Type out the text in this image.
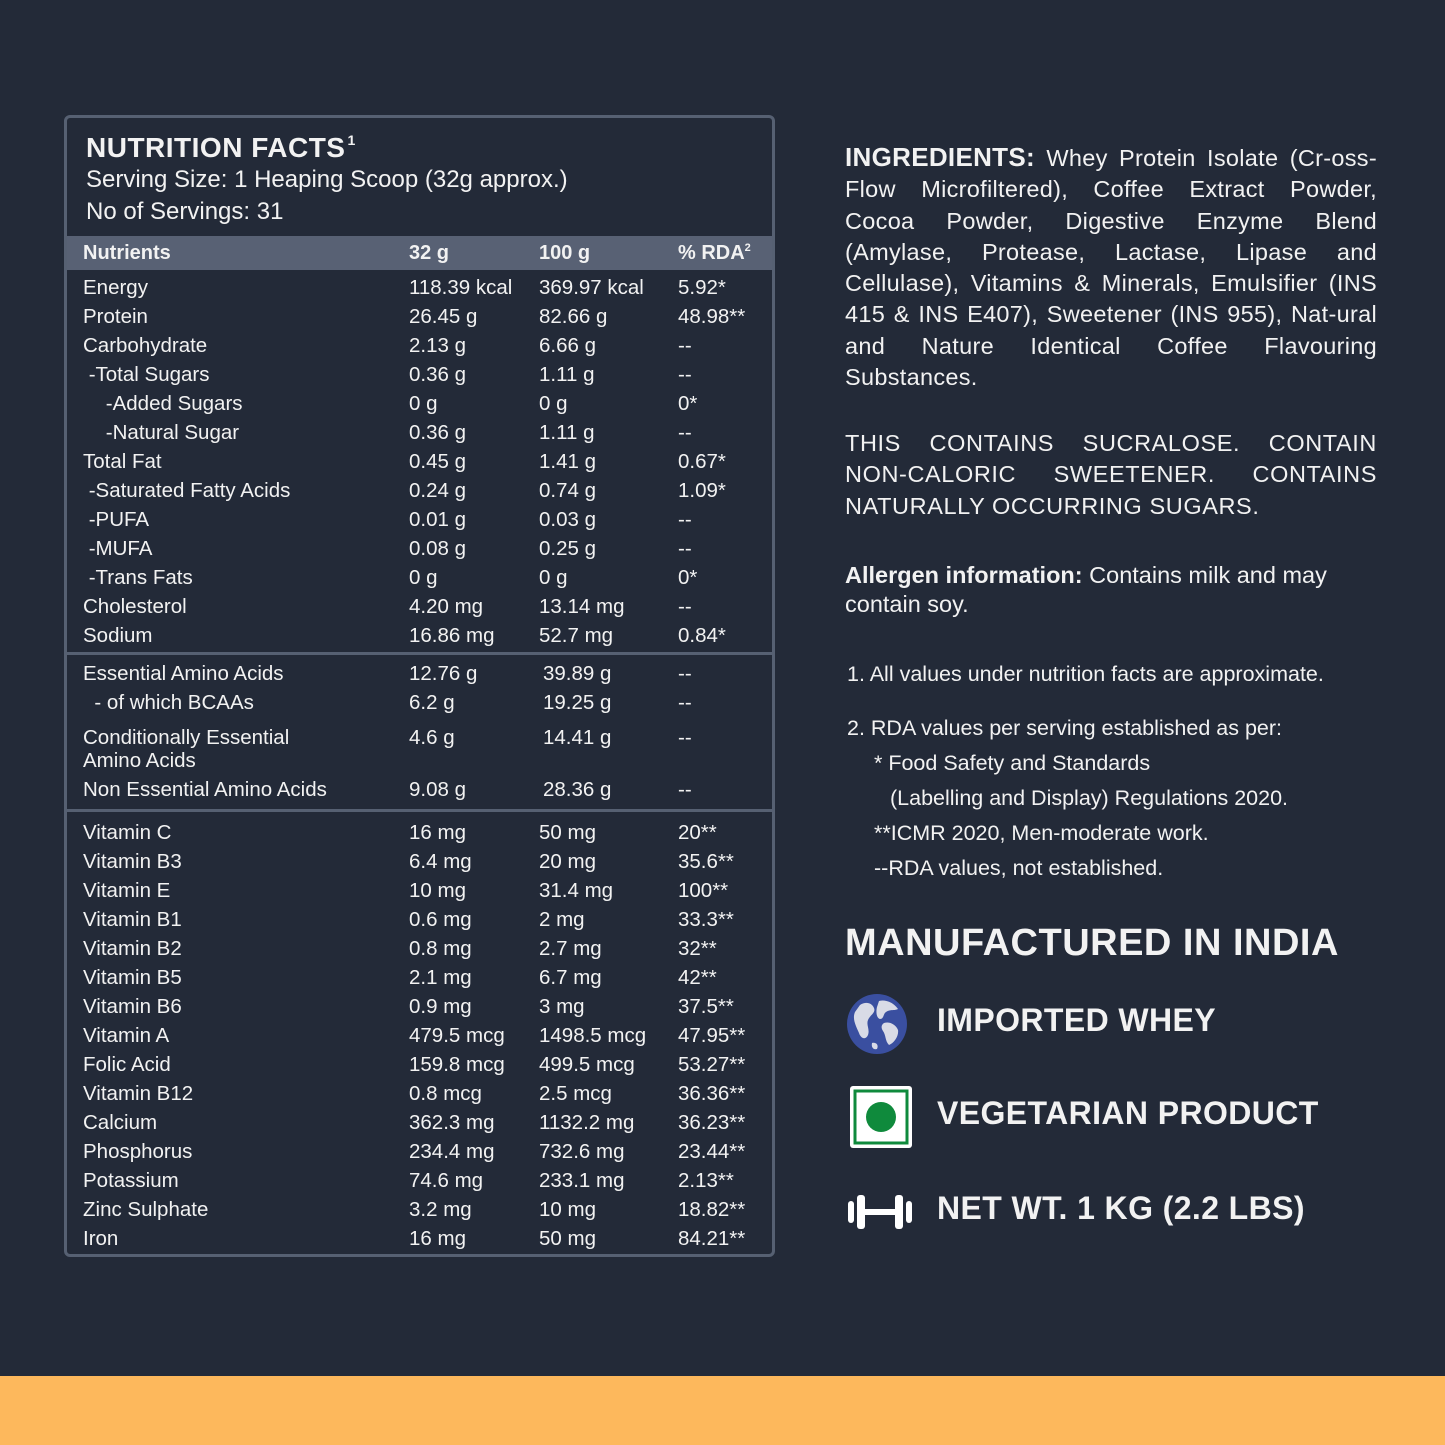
NUTRITION FACTS $^1$
Serving Size: 1 Heaping Scoop (32g approx.)
No of Servings: 31
Nutrients	32 g	100 g	% RDA$^2$
Energy	118.39 kcal 369.97 kcal 5.92*
Protein	26.45 g	82.66 g	48.98**
Carbohydrate	2.13 g	6.66 g	--
-Total Sugars	0.36 g	1.11 g	--
-Added Sugars	0 g	0 g	0*
-Natural Sugar	0.36 g	1.11 g	--
Total Fat	0.45 g	1.41 g	0.67*
-Saturated Fatty Acids	0.24 g	0.74 g	1.09*
-PUFA	0.01 g	0.03 g	--
-MUFA	0.08 g	0.25 g	--
-Trans Fats	0 g	0 g	0*
Cholesterol	4.20 mg	13.14 mg	--
Sodium	16.86 mg 52.7 mg	0.84*
Essential Amino Acids	12.76 g	39.89 g	--
- of which BCAAs	6.2 g	19.25 g	--
Conditionally Essential	4.6 g	14.41 g	--
Amino Acids
Non Essential Amino Acids	9.08 g	28.36 g	--
Vitamin C	16 mg	50 mg	20**
Vitamin B3	6.4 mg	20 mg	35.6**
Vitamin E	10 mg	31.4 mg	100**
Vitamin B1	0.6 mg	2 mg	33.3**
Vitamin B2	0.8 mg	2.7 mg	32**
Vitamin B5	2.1 mg	6.7 mg	42**
Vitamin B6	0.9 mg	3 mg	37.5**
Vitamin A	479.5 mcg 1498.5 mcg 47.95**
Folic Acid	159.8 mcg 499.5 mcg 53.27**
Vitamin B12	0.8 mcg	2.5 mcg	36.36**
Calcium	362.3 mg 1132.2 mg 36.23**
Phosphorus	234.4 mg 732.6 mg	23.44**
Potassium	74.6 mg	233.1 mg	2.13**
Zinc Sulphate	3.2 mg	10 mg	18.82**
Iron	16 mg	50 mg	84.21**
INGREDIENTS: Whey Protein Isolate (Cr-oss-Flow Microfiltered), Coffee Extract Powder, Cocoa Powder, Digestive Enzyme Blend (Amylase, Protease, Lactase, Lipase and Cellulase), Vitamins & Minerals, Emulsifier (INS 415 & INS E407), Sweetener (INS 955), Nat-ural and Nature Identical Coffee Flavouring Substances.
THIS CONTAINS SUCRALOSE. CONTAIN NON-CALORIC SWEETENER. CONTAINS NATURALLY OCCURRING SUGARS.
Allergen information: Contains milk and may contain soy.
1. All values under nutrition facts are approximate.
2. RDA values per serving established as per:
* Food Safety and Standards
(Labelling and Display) Regulations 2020.
**ICMR 2020, Men-moderate work.
--RDA values, not established.
MANUFACTURED IN INDIA
IMPORTED WHEY
VEGETARIAN PRODUCT
NET WT. 1 KG (2.2 LBS)
